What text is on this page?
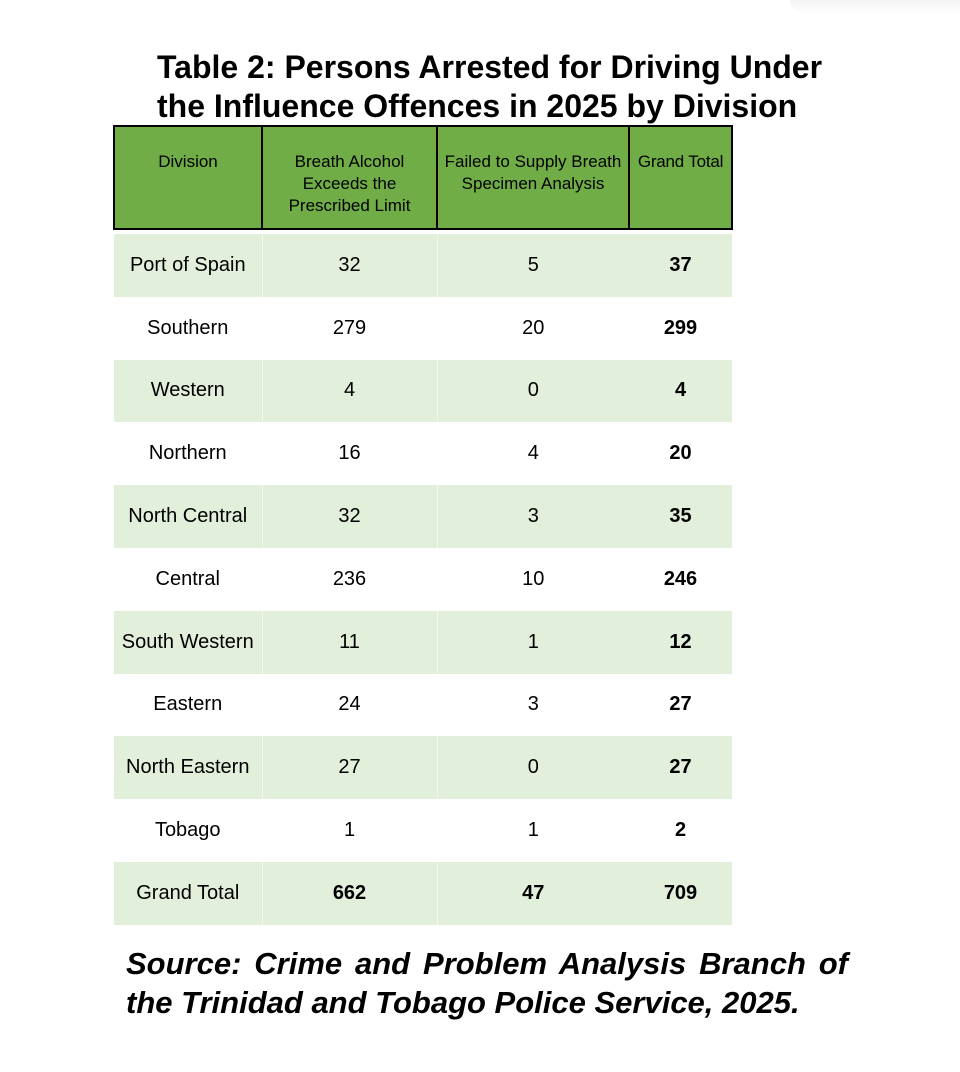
Table 2: Persons Arrested for Driving Under the Influence Offences in 2025 by Division
Division	Breath Alcohol Exceeds the Prescribed Limit	Failed to Supply Breath Specimen Analysis	Grand Total

Port of Spain	32	5	37
Southern	279	20	299
Western	4	0	4
Northern	16	4	20
North Central	32	3	35
Central	236	10	246
South Western	11	1	12
Eastern	24	3	27
North Eastern	27	0	27
Tobago	1	1	2
Grand Total	662	47	709

Source: Crime and Problem Analysis Branch of the Trinidad and Tobago Police Service, 2025.
